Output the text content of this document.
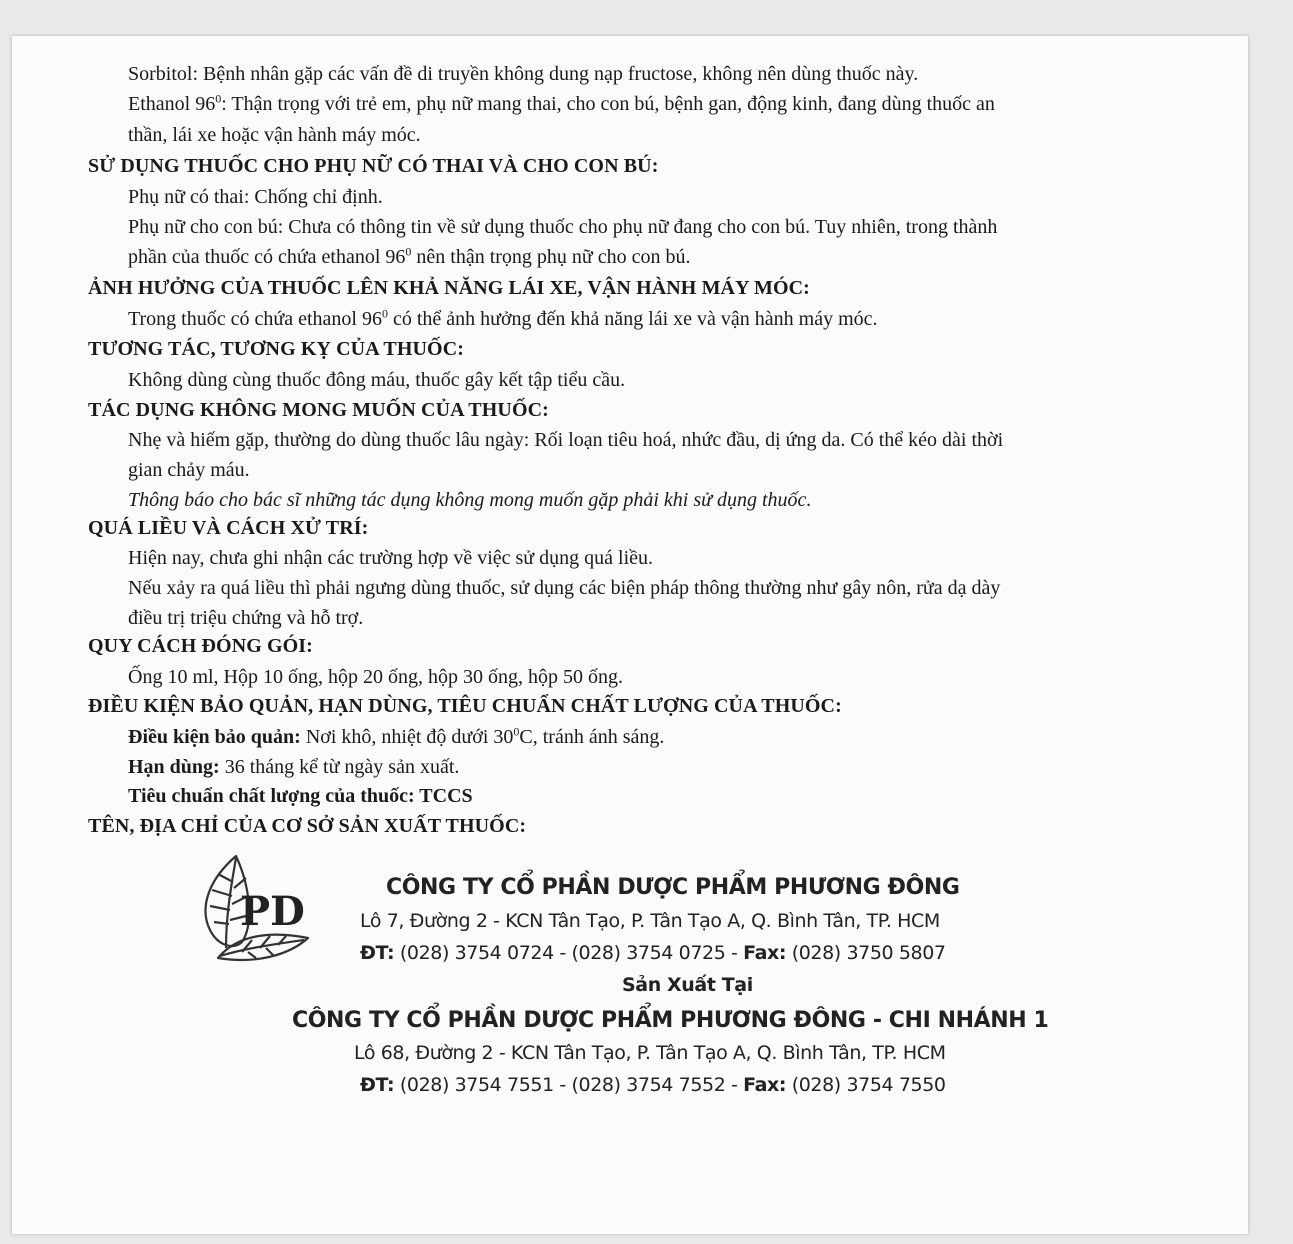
Sorbitol: Bệnh nhân gặp các vấn đề di truyền không dung nạp fructose, không nên dùng thuốc này.
Ethanol $96^0$: Thận trọng với trẻ em, phụ nữ mang thai, cho con bú, bệnh gan, động kinh, đang dùng thuốc an
thần, lái xe hoặc vận hành máy móc.
SỬ DỤNG THUỐC CHO PHỤ NỮ CÓ THAI VÀ CHO CON BÚ:
Phụ nữ có thai: Chống chỉ định.
Phụ nữ cho con bú: Chưa có thông tin về sử dụng thuốc cho phụ nữ đang cho con bú. Tuy nhiên, trong thành
phần của thuốc có chứa ethanol $96^0$ nên thận trọng phụ nữ cho con bú.
ẢNH HƯỞNG CỦA THUỐC LÊN KHẢ NĂNG LÁI XE, VẬN HÀNH MÁY MÓC:
Trong thuốc có chứa ethanol $96^0$ có thể ảnh hưởng đến khả năng lái xe và vận hành máy móc.
TƯƠNG TÁC, TƯƠNG KỴ CỦA THUỐC:
Không dùng cùng thuốc đông máu, thuốc gây kết tập tiểu cầu.
TÁC DỤNG KHÔNG MONG MUỐN CỦA THUỐC:
Nhẹ và hiếm gặp, thường do dùng thuốc lâu ngày: Rối loạn tiêu hoá, nhức đầu, dị ứng da. Có thể kéo dài thời
gian chảy máu.
Thông báo cho bác sĩ những tác dụng không mong muốn gặp phải khi sử dụng thuốc.
QUÁ LIỀU VÀ CÁCH XỬ TRÍ:
Hiện nay, chưa ghi nhận các trường hợp về việc sử dụng quá liều.
Nếu xảy ra quá liều thì phải ngưng dùng thuốc, sử dụng các biện pháp thông thường như gây nôn, rửa dạ dày
điều trị triệu chứng và hỗ trợ.
QUY CÁCH ĐÓNG GÓI:
Ống 10 ml, Hộp 10 ống, hộp 20 ống, hộp 30 ống, hộp 50 ống.
ĐIỀU KIỆN BẢO QUẢN, HẠN DÙNG, TIÊU CHUẨN CHẤT LƯỢNG CỦA THUỐC:
Điều kiện bảo quản: Nơi khô, nhiệt độ dưới $30^0C$, tránh ánh sáng.
Hạn dùng: 36 tháng kể từ ngày sản xuất.
Tiêu chuẩn chất lượng của thuốc: TCCS
TÊN, ĐỊA CHỈ CỦA CƠ SỞ SẢN XUẤT THUỐC:
PD
CÔNG TY CỔ PHẦN DƯỢC PHẨM PHƯƠNG ĐÔNG
Lô 7, Đường 2 - KCN Tân Tạo, P. Tân Tạo A, Q. Bình Tân, TP. HCM
ĐT: (028) 3754 0724 - (028) 3754 0725 - Fax: (028) 3750 5807
Sản Xuất Tại
CÔNG TY CỔ PHẦN DƯỢC PHẨM PHƯƠNG ĐÔNG - CHI NHÁNH 1
Lô 68, Đường 2 - KCN Tân Tạo, P. Tân Tạo A, Q. Bình Tân, TP. HCM
ĐT: (028) 3754 7551 - (028) 3754 7552 - Fax: (028) 3754 7550
